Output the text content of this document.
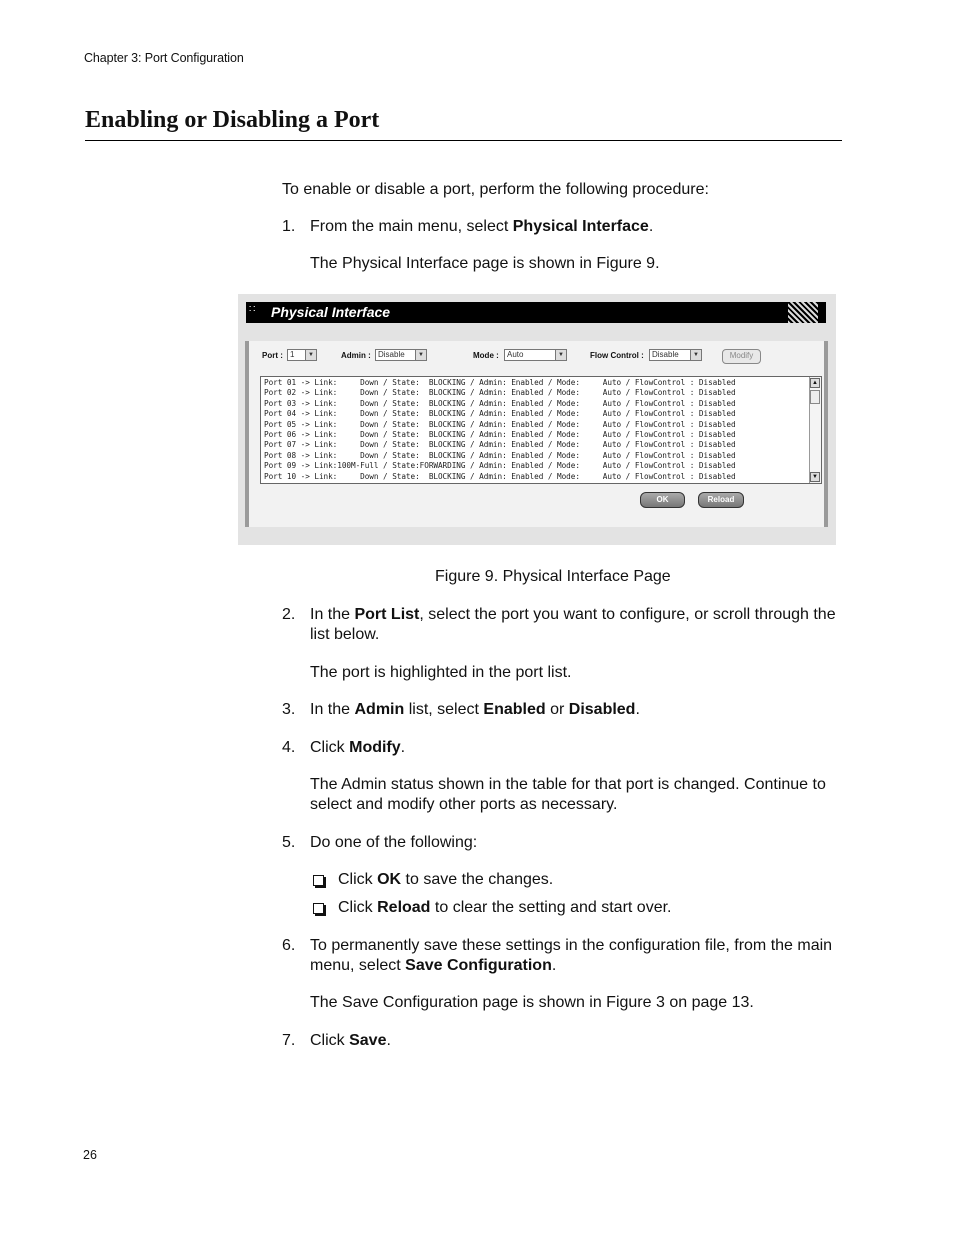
Chapter 3: Port Configuration
Enabling or Disabling a Port
To enable or disable a port, perform the following procedure:
1. From the main menu, select Physical Interface.
The Physical Interface page is shown in Figure 9.
∷ Physical Interface
Port : 1	▼	Admin : Disable	▼	Mode :	Auto	▼	Flow Control :	Disable	▼	Modify
Port 01 -> Link:     Down / State:  BLOCKING / Admin: Enabled / Mode:     Auto / FlowControl : Disabled
Port 02 -> Link:     Down / State:  BLOCKING / Admin: Enabled / Mode:     Auto / FlowControl : Disabled
Port 03 -> Link:     Down / State:  BLOCKING / Admin: Enabled / Mode:     Auto / FlowControl : Disabled
Port 04 -> Link:     Down / State:  BLOCKING / Admin: Enabled / Mode:     Auto / FlowControl : Disabled
Port 05 -> Link:     Down / State:  BLOCKING / Admin: Enabled / Mode:     Auto / FlowControl : Disabled
Port 06 -> Link:     Down / State:  BLOCKING / Admin: Enabled / Mode:     Auto / FlowControl : Disabled
Port 07 -> Link:     Down / State:  BLOCKING / Admin: Enabled / Mode:     Auto / FlowControl : Disabled
Port 08 -> Link:     Down / State:  BLOCKING / Admin: Enabled / Mode:     Auto / FlowControl : Disabled
Port 09 -> Link:100M-Full / State:FORWARDING / Admin: Enabled / Mode:     Auto / FlowControl : Disabled
Port 10 -> Link:     Down / State:  BLOCKING / Admin: Enabled / Mode:     Auto / FlowControl : Disabled
▲
▼
OK	Reload
Figure 9. Physical Interface Page
2. In the Port List, select the port you want to configure, or scroll through the list below.
The port is highlighted in the port list.
3. In the Admin list, select Enabled or Disabled.
4. Click Modify.
The Admin status shown in the table for that port is changed. Continue to select and modify other ports as necessary.
5. Do one of the following:
Click OK to save the changes.
Click Reload to clear the setting and start over.
6. To permanently save these settings in the configuration file, from the main menu, select Save Configuration.
The Save Configuration page is shown in Figure 3 on page 13.
7. Click Save.
26
